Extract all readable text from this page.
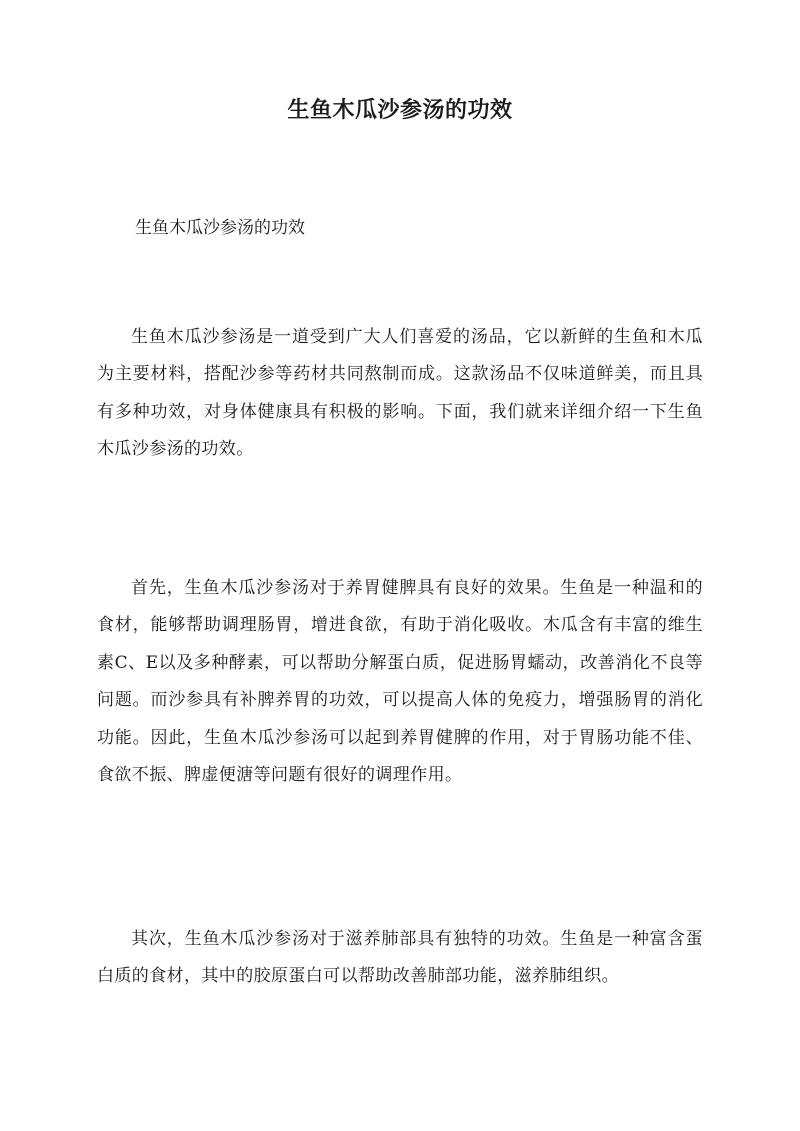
生鱼木瓜沙参汤的功效
生鱼木瓜沙参汤的功效

生鱼木瓜沙参汤是一道受到广大人们喜爱的汤品，它以新鲜的生鱼和木瓜为主要材料，搭配沙参等药材共同熬制而成。这款汤品不仅味道鲜美，而且具有多种功效，对身体健康具有积极的影响。下面，我们就来详细介绍一下生鱼木瓜沙参汤的功效。

首先，生鱼木瓜沙参汤对于养胃健脾具有良好的效果。生鱼是一种温和的食材，能够帮助调理肠胃，增进食欲，有助于消化吸收。木瓜含有丰富的维生素C、E以及多种酵素，可以帮助分解蛋白质，促进肠胃蠕动，改善消化不良等问题。而沙参具有补脾养胃的功效，可以提高人体的免疫力，增强肠胃的消化功能。因此，生鱼木瓜沙参汤可以起到养胃健脾的作用，对于胃肠功能不佳、食欲不振、脾虚便溏等问题有很好的调理作用。

其次，生鱼木瓜沙参汤对于滋养肺部具有独特的功效。生鱼是一种富含蛋白质的食材，其中的胶原蛋白可以帮助改善肺部功能，滋养肺组织。
